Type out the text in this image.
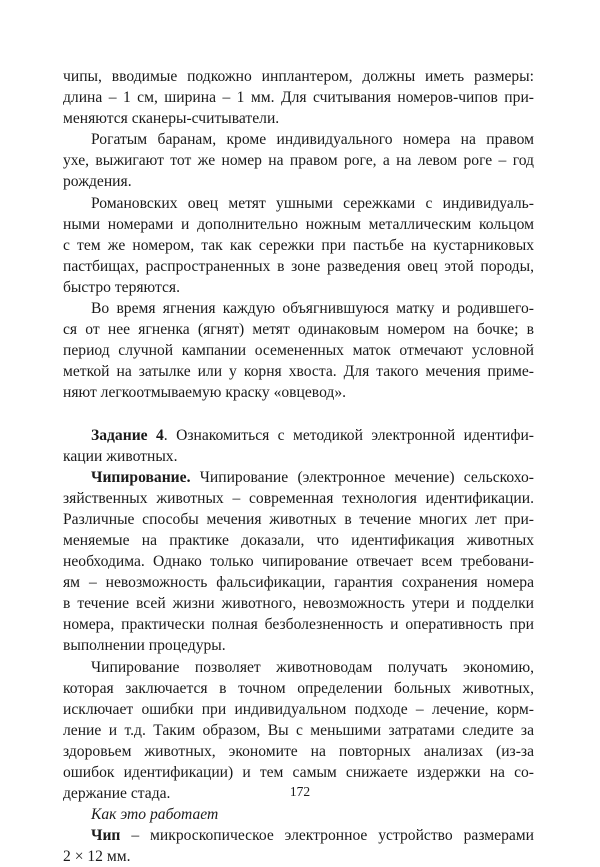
чипы, вводимые подкожно инплантером, должны иметь размеры:
длина – 1 см, ширина – 1 мм. Для считывания номеров-чипов при-
меняются сканеры-считыватели.
Рогатым баранам, кроме индивидуального номера на правом
ухе, выжигают тот же номер на правом роге, а на левом роге – год
рождения.
Романовских овец метят ушными сережками с индивидуаль-
ными номерами и дополнительно ножным металлическим кольцом
с тем же номером, так как сережки при пастьбе на кустарниковых
пастбищах, распространенных в зоне разведения овец этой породы,
быстро теряются.
Во время ягнения каждую объягнившуюся матку и родившего-
ся от нее ягненка (ягнят) метят одинаковым номером на бочке; в
период случной кампании осемененных маток отмечают условной
меткой на затылке или у корня хвоста. Для такого мечения приме-
няют легкоотмываемую краску «овцевод».
Задание 4. Ознакомиться с методикой электронной идентифи-
кации животных.
Чипирование. Чипирование (электронное мечение) сельскохо-
зяйственных животных – современная технология идентификации.
Различные способы мечения животных в течение многих лет при-
меняемые на практике доказали, что идентификация животных
необходима. Однако только чипирование отвечает всем требовани-
ям – невозможность фальсификации, гарантия сохранения номера
в течение всей жизни животного, невозможность утери и подделки
номера, практически полная безболезненность и оперативность при
выполнении процедуры.
Чипирование позволяет животноводам получать экономию,
которая заключается в точном определении больных животных,
исключает ошибки при индивидуальном подходе – лечение, корм-
ление и т.д. Таким образом, Вы с меньшими затратами следите за
здоровьем животных, экономите на повторных анализах (из-за
ошибок идентификации) и тем самым снижаете издержки на со-
держание стада.
Как это работает
Чип – микроскопическое электронное устройство размерами
2 × 12 мм.
172
